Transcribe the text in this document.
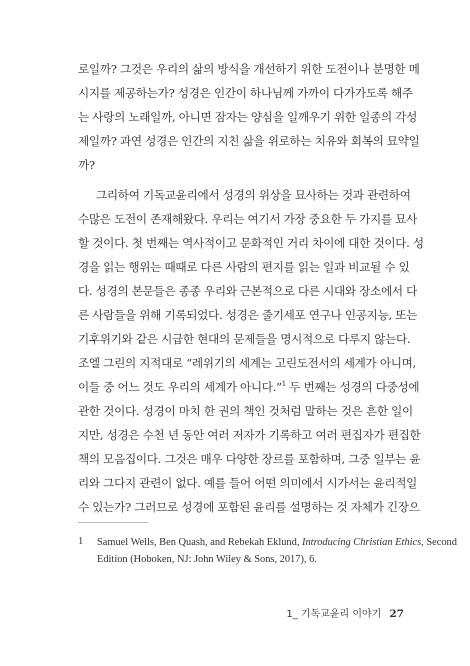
로일까? 그것은 우리의 삶의 방식을 개선하기 위한 도전이나 분명한 메
시지를 제공하는가? 성경은 인간이 하나님께 가까이 다가가도록 해주
는 사랑의 노래일까, 아니면 잠자는 양심을 일깨우기 위한 일종의 각성
제일까? 과연 성경은 인간의 지친 삶을 위로하는 치유와 회복의 묘약일
까?
그리하여 기독교윤리에서 성경의 위상을 묘사하는 것과 관련하여
수많은 도전이 존재해왔다. 우리는 여기서 가장 중요한 두 가지를 묘사
할 것이다. 첫 번째는 역사적이고 문화적인 거리 차이에 대한 것이다. 성
경을 읽는 행위는 때때로 다른 사람의 편지를 읽는 일과 비교될 수 있
다. 성경의 본문들은 종종 우리와 근본적으로 다른 시대와 장소에서 다
른 사람들을 위해 기록되었다. 성경은 줄기세포 연구나 인공지능, 또는
기후위기와 같은 시급한 현대의 문제들을 명시적으로 다루지 않는다.
조엘 그린의 지적대로 “레위기의 세계는 고린도전서의 세계가 아니며,
이들 중 어느 것도 우리의 세계가 아니다.”$^1$ 두 번째는 성경의 다중성에
관한 것이다. 성경이 마치 한 권의 책인 것처럼 말하는 것은 흔한 일이
지만, 성경은 수천 년 동안 여러 저자가 기록하고 여러 편집자가 편집한
책의 모음집이다. 그것은 매우 다양한 장르를 포함하며, 그중 일부는 윤
리와 그다지 관련이 없다. 예를 들어 어떤 의미에서 시가서는 윤리적일
수 있는가? 그러므로 성경에 포함된 윤리를 설명하는 것 자체가 긴장으
1 Samuel Wells, Ben Quash, and Rebekah Eklund, Introducing Christian Ethics, Second
Edition (Hoboken, NJ: John Wiley & Sons, 2017), 6.
1_ 기독교윤리 이야기 27
